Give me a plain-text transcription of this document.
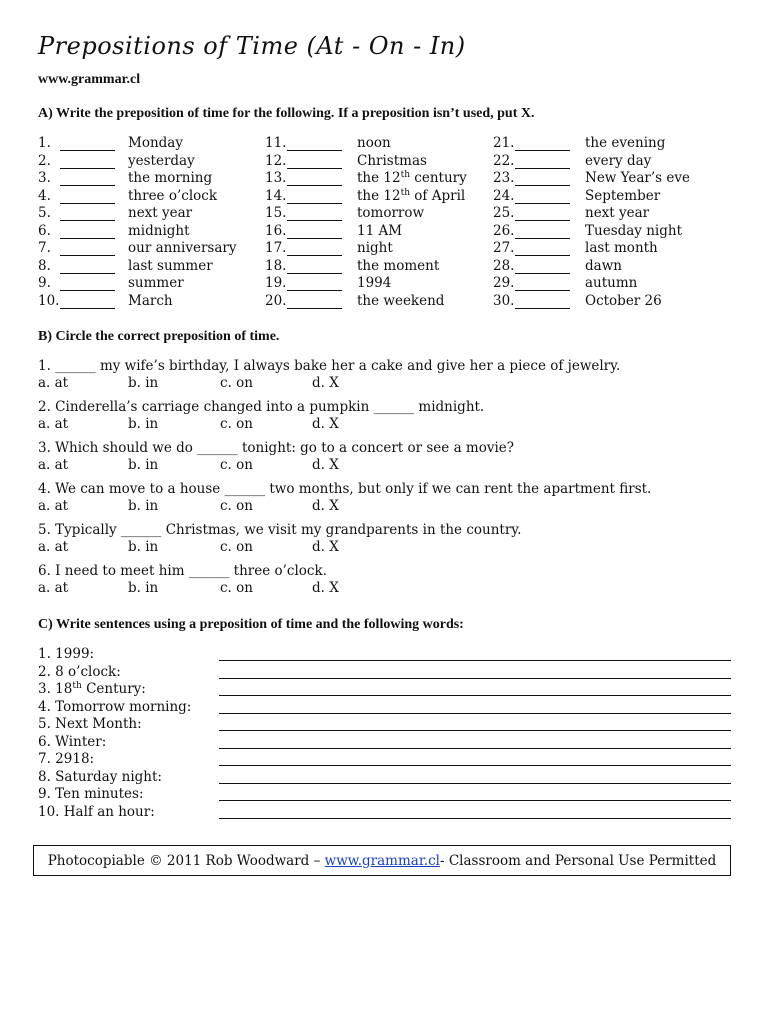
Prepositions of Time (At - On - In)
www.grammar.cl
A) Write the preposition of time for the following. If a preposition isn’t used, put X.
1.	Monday
2.	yesterday
3.	the morning
4.	three o’clock
5.	next year
6.	midnight
7.	our anniversary
8.	last summer
9.	summer
10.	March
11.	noon
12.	Christmas
13.	the 12th century
14.	the 12th of April
15.	tomorrow
16.	11 AM
17.	night
18.	the moment
19.	1994
20.	the weekend
21.	the evening
22.	every day
23.	New Year’s eve
24.	September
25.	next year
26.	Tuesday night
27.	last month
28.	dawn
29.	autumn
30.	October 26
B) Circle the correct preposition of time.
1. ______ my wife’s birthday, I always bake her a cake and give her a piece of jewelry.
a. at	b. in	c. on	d. X
2. Cinderella’s carriage changed into a pumpkin ______ midnight.
a. at	b. in	c. on	d. X
3. Which should we do ______ tonight: go to a concert or see a movie?
a. at	b. in	c. on	d. X
4. We can move to a house ______ two months, but only if we can rent the apartment first.
a. at	b. in	c. on	d. X
5. Typically ______ Christmas, we visit my grandparents in the country.
a. at	b. in	c. on	d. X
6. I need to meet him ______ three o’clock.
a. at	b. in	c. on	d. X
C) Write sentences using a preposition of time and the following words:
1. 1999:
2. 8 o’clock:
3. 18th Century:
4. Tomorrow morning:
5. Next Month:
6. Winter:
7. 2918:
8. Saturday night:
9. Ten minutes:
10. Half an hour:
Photocopiable © 2011 Rob Woodward –
www.grammar.cl - Classroom and Personal Use Permitted
